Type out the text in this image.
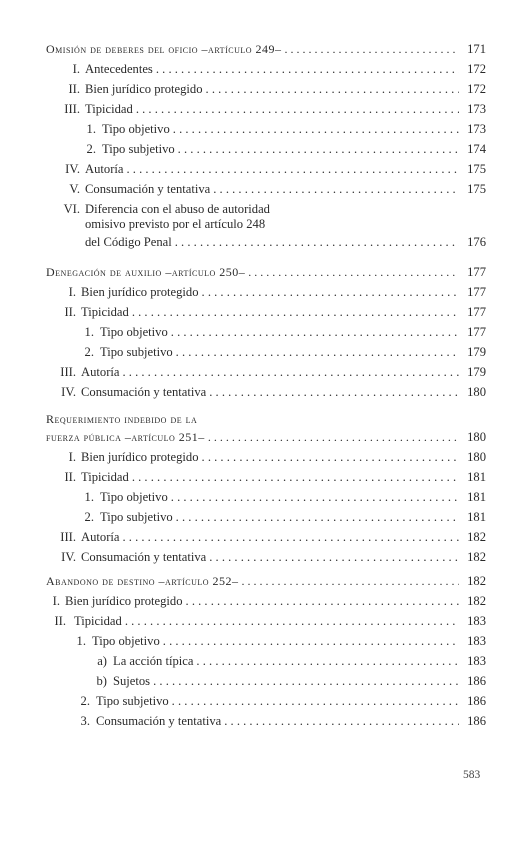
Omisión de deberes del oficio –artículo 249– . . .	171
I. Antecedentes . . .	172
II. Bien jurídico protegido . . .	172
III. Tipicidad . . .	173
1. Tipo objetivo . . .	173
2. Tipo subjetivo . . .	174
IV. Autoría . . .	175
V. Consumación y tentativa . . .	175
VI. Diferencia con el abuso de autoridad
omisivo previsto por el artículo 248
del Código Penal . . .	176
Denegación de auxilio –artículo 250– . . .	177
I. Bien jurídico protegido . . .	177
II. Tipicidad . . .	177
1. Tipo objetivo . . .	177
2. Tipo subjetivo . . .	179
III. Autoría . . .	179
IV. Consumación y tentativa . . .	180
Requerimiento indebido de la
fuerza pública –artículo 251– . . .	180
I. Bien jurídico protegido . . .	180
II. Tipicidad . . .	181
1. Tipo objetivo . . .	181
2. Tipo subjetivo . . .	181
III. Autoría . . .	182
IV. Consumación y tentativa . . .	182
Abandono de destino –artículo 252– . . .	182
I. Bien jurídico protegido . . .	182
II. Tipicidad . . .	183
1. Tipo objetivo . . .	183
a) La acción típica . . .	183
b) Sujetos . . .	186
2. Tipo subjetivo . . .	186
3. Consumación y tentativa . . .	186
583
